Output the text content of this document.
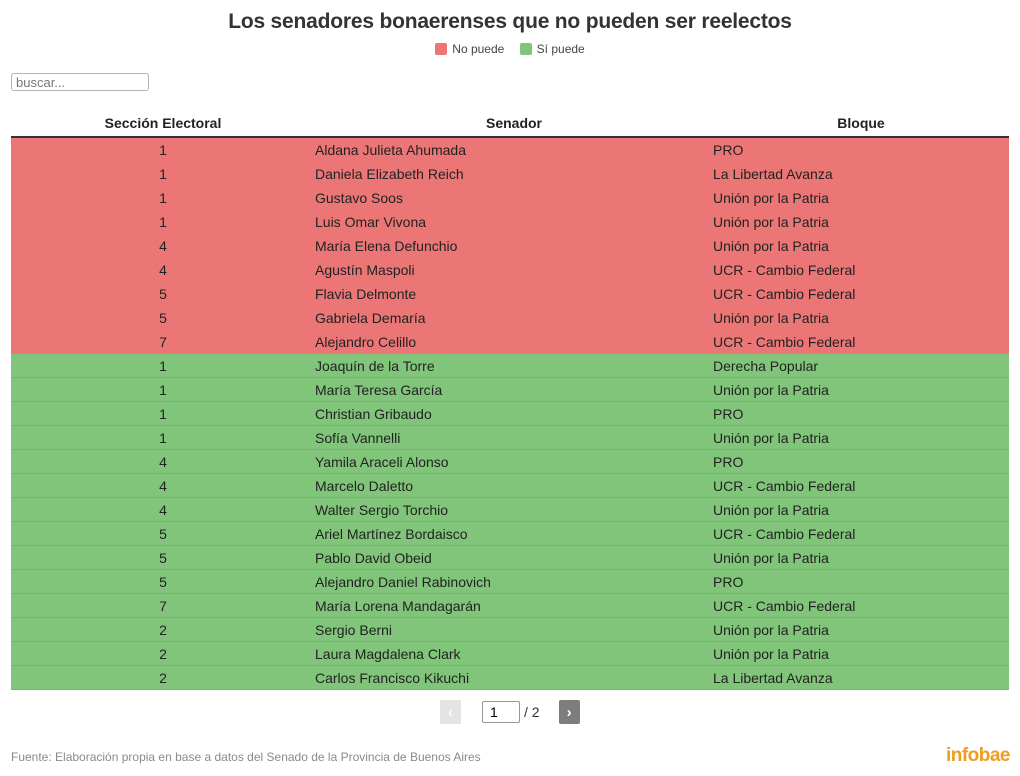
Los senadores bonaerenses que no pueden ser reelectos
No puede
	Sí puede
buscar...
Sección Electoral	Senador	Bloque
1	Aldana Julieta Ahumada	PRO
1	Daniela Elizabeth Reich	La Libertad Avanza
1	Gustavo Soos	Unión por la Patria
1	Luis Omar Vivona	Unión por la Patria
4	María Elena Defunchio	Unión por la Patria
4	Agustín Maspoli	UCR - Cambio Federal
5	Flavia Delmonte	UCR - Cambio Federal
5	Gabriela Demaría	Unión por la Patria
7	Alejandro Celillo	UCR - Cambio Federal
1	Joaquín de la Torre	Derecha Popular
1	María Teresa García	Unión por la Patria
1	Christian Gribaudo	PRO
1	Sofía Vannelli	Unión por la Patria
4	Yamila Araceli Alonso	PRO
4	Marcelo Daletto	UCR - Cambio Federal
4	Walter Sergio Torchio	Unión por la Patria
5	Ariel Martínez Bordaisco	UCR - Cambio Federal
5	Pablo David Obeid	Unión por la Patria
5	Alejandro Daniel Rabinovich	PRO
7	María Lorena Mandagarán	UCR - Cambio Federal
2	Sergio Berni	Unión por la Patria
2	Laura Magdalena Clark	Unión por la Patria
2	Carlos Francisco Kikuchi	La Libertad Avanza
‹
1	/ 2	›
Fuente: Elaboración propia en base a datos del Senado de la Provincia de Buenos Aires	infobae
